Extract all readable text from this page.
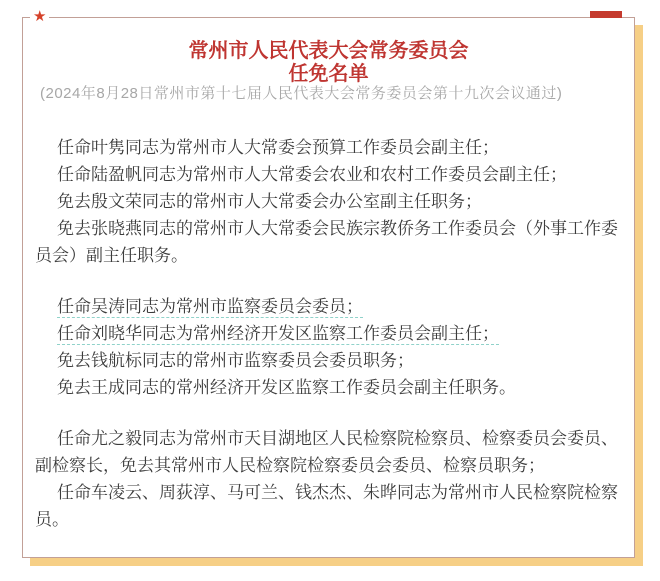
常州市人民代表大会常务委员会
任免名单
(2024年8月28日常州市第十七届人民代表大会常务委员会第十九次会议通过)

任命叶隽同志为常州市人大常委会预算工作委员会副主任；

任命陆盈帆同志为常州市人大常委会农业和农村工作委员会副主任；

免去殷文荣同志的常州市人大常委会办公室副主任职务；

免去张晓燕同志的常州市人大常委会民族宗教侨务工作委员会（外事工作委员会）副主任职务。

任命吴涛同志为常州市监察委员会委员；

任命刘晓华同志为常州经济开发区监察工作委员会副主任；

免去钱航标同志的常州市监察委员会委员职务；

免去王成同志的常州经济开发区监察工作委员会副主任职务。

任命尤之毅同志为常州市天目湖地区人民检察院检察员、检察委员会委员、副检察长，免去其常州市人民检察院检察委员会委员、检察员职务；

任命车凌云、周荻淳、马可兰、钱杰杰、朱晔同志为常州市人民检察院检察员。

★
